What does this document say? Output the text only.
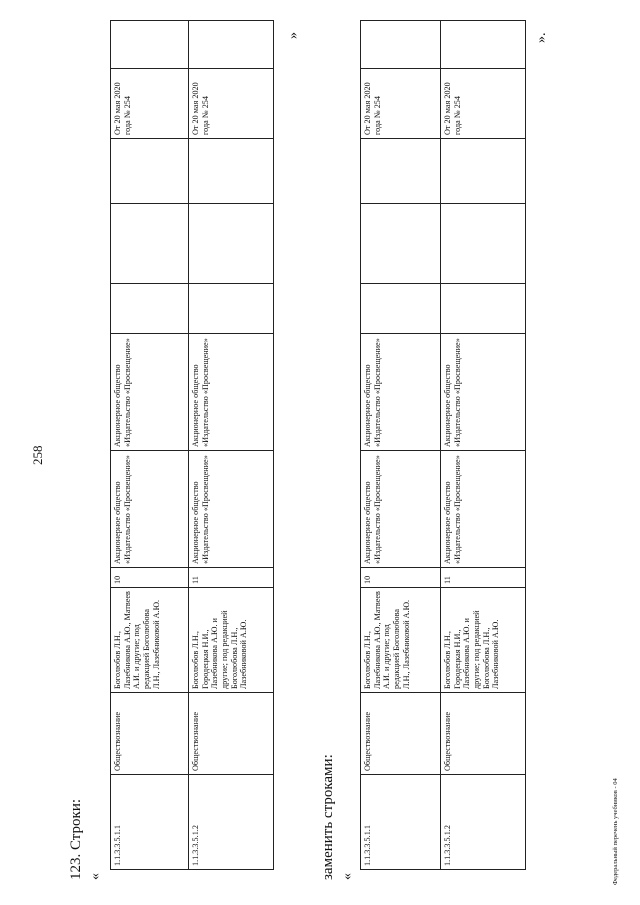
123. Строки: «
1.1.3.3.5.1.1	Обществознание	Боголюбов Л.Н., Лазебникова А.Ю., Матвеев А.И. и другие; под редакцией Боголюбова Л.Н., Лазебниковой А.Ю.	10	Акционерное общество «Издательство «Просвещение»	Акционерное общество «Издательство «Просвещение»				От 20 мая 2020 года № 254	
1.1.3.3.5.1.2	Обществознание	Боголюбов Л.Н., Городецкая Н.И., Лазебникова А.Ю. и другие; под редакцией Боголюбова Л.Н., Лазебниковой А.Ю.	11	Акционерное общество «Издательство «Просвещение»	Акционерное общество «Издательство «Просвещение»				От 20 мая 2020 года № 254	
»
заменить строками: «
1.1.3.3.5.1.1	Обществознание	Боголюбов Л.Н., Лазебникова А.Ю., Матвеев А.И. и другие; под редакцией Боголюбова Л.Н., Лазебниковой А.Ю.	10	Акционерное общество «Издательство «Просвещение»	Акционерное общество «Издательство «Просвещение»				От 20 мая 2020 года № 254	
1.1.3.3.5.1.2	Обществознание	Боголюбов Л.Н., Городецкая Н.И., Лазебникова А.Ю. и другие; под редакцией Боголюбова Л.Н., Лазебниковой А.Ю.	11	Акционерное общество «Издательство «Просвещение»	Акционерное общество «Издательство «Просвещение»				От 20 мая 2020 года № 254	
».
258
Федеральный перечень учебников - 04
